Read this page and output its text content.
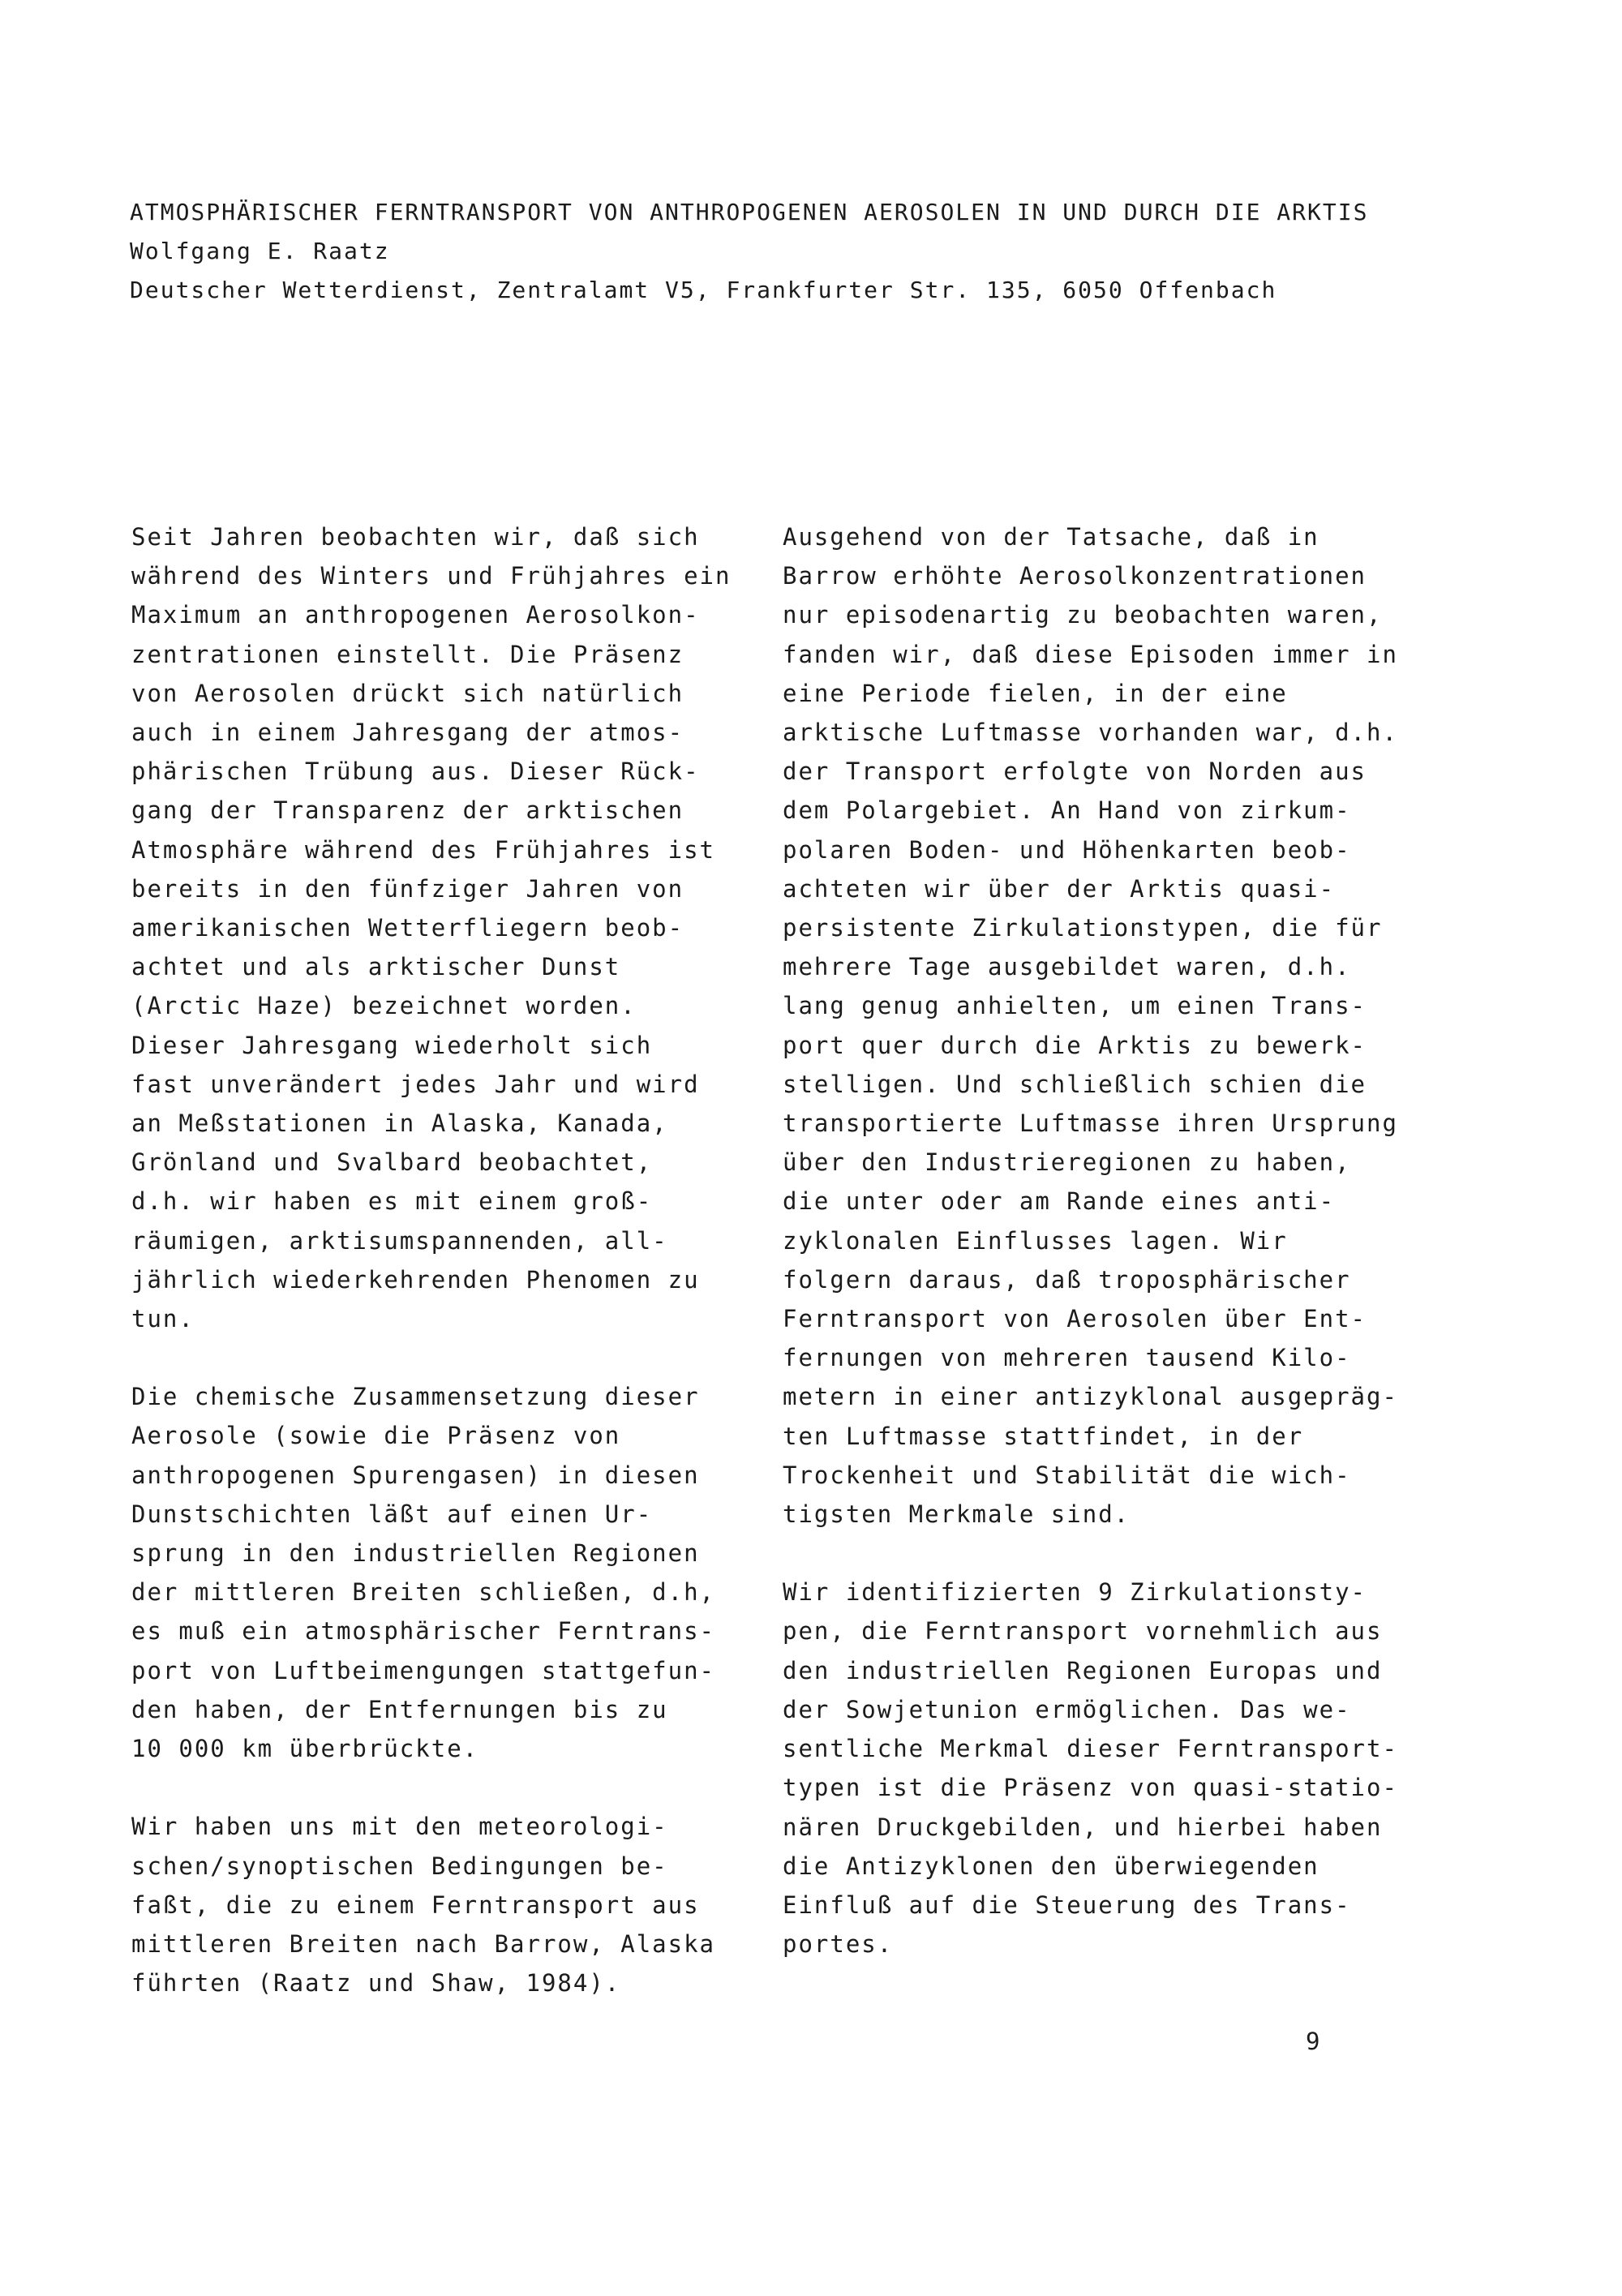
ATMOSPHÄRISCHER FERNTRANSPORT VON ANTHROPOGENEN AEROSOLEN IN UND DURCH DIE ARKTIS
Wolfgang E. Raatz
Deutscher Wetterdienst, Zentralamt V5, Frankfurter Str. 135, 6050 Offenbach
Seit Jahren beobachten wir, daß sich
während des Winters und Frühjahres ein
Maximum an anthropogenen Aerosolkon-
zentrationen einstellt. Die Präsenz
von Aerosolen drückt sich natürlich
auch in einem Jahresgang der atmos-
phärischen Trübung aus. Dieser Rück-
gang der Transparenz der arktischen
Atmosphäre während des Frühjahres ist
bereits in den fünfziger Jahren von
amerikanischen Wetterfliegern beob-
achtet und als arktischer Dunst
(Arctic Haze) bezeichnet worden.
Dieser Jahresgang wiederholt sich
fast unverändert jedes Jahr und wird
an Meßstationen in Alaska, Kanada,
Grönland und Svalbard beobachtet,
d.h. wir haben es mit einem groß-
räumigen, arktisumspannenden, all-
jährlich wiederkehrenden Phenomen zu
tun.
Die chemische Zusammensetzung dieser
Aerosole (sowie die Präsenz von
anthropogenen Spurengasen) in diesen
Dunstschichten läßt auf einen Ur-
sprung in den industriellen Regionen
der mittleren Breiten schließen, d.h,
es muß ein atmosphärischer Ferntrans-
port von Luftbeimengungen stattgefun-
den haben, der Entfernungen bis zu
10 000 km überbrückte.
Wir haben uns mit den meteorologi-
schen/synoptischen Bedingungen be-
faßt, die zu einem Ferntransport aus
mittleren Breiten nach Barrow, Alaska
führten (Raatz und Shaw, 1984).
Ausgehend von der Tatsache, daß in
Barrow erhöhte Aerosolkonzentrationen
nur episodenartig zu beobachten waren,
fanden wir, daß diese Episoden immer in
eine Periode fielen, in der eine
arktische Luftmasse vorhanden war, d.h.
der Transport erfolgte von Norden aus
dem Polargebiet. An Hand von zirkum-
polaren Boden- und Höhenkarten beob-
achteten wir über der Arktis quasi-
persistente Zirkulationstypen, die für
mehrere Tage ausgebildet waren, d.h.
lang genug anhielten, um einen Trans-
port quer durch die Arktis zu bewerk-
stelligen. Und schließlich schien die
transportierte Luftmasse ihren Ursprung
über den Industrieregionen zu haben,
die unter oder am Rande eines anti-
zyklonalen Einflusses lagen. Wir
folgern daraus, daß troposphärischer
Ferntransport von Aerosolen über Ent-
fernungen von mehreren tausend Kilo-
metern in einer antizyklonal ausgepräg-
ten Luftmasse stattfindet, in der
Trockenheit und Stabilität die wich-
tigsten Merkmale sind.
Wir identifizierten 9 Zirkulationsty-
pen, die Ferntransport vornehmlich aus
den industriellen Regionen Europas und
der Sowjetunion ermöglichen. Das we-
sentliche Merkmal dieser Ferntransport-
typen ist die Präsenz von quasi-statio-
nären Druckgebilden, und hierbei haben
die Antizyklonen den überwiegenden
Einfluß auf die Steuerung des Trans-
portes.
9
